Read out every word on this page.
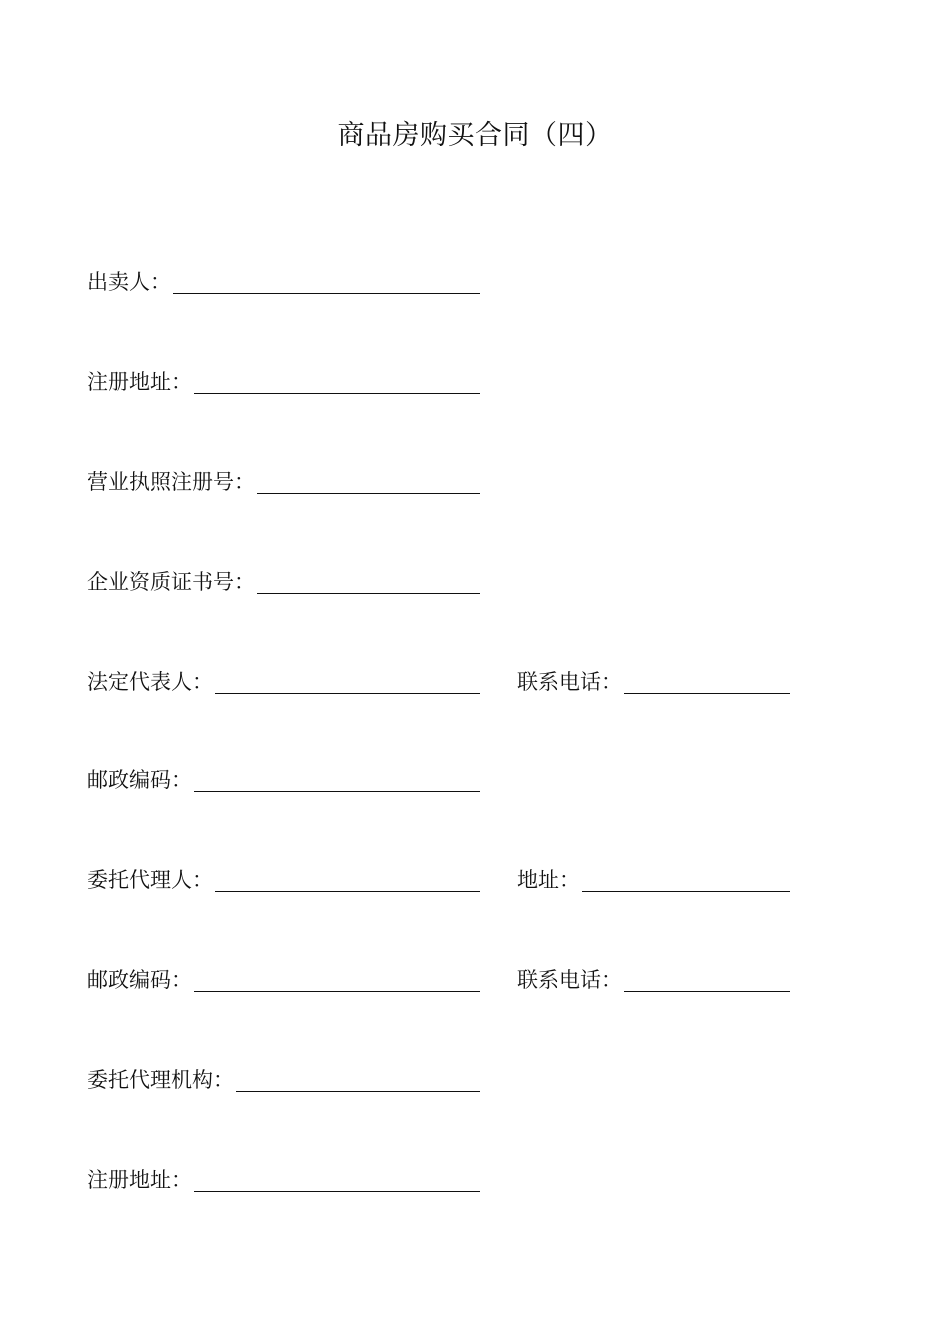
商品房购买合同（四）
出卖人：
注册地址：
营业执照注册号：
企业资质证书号：
法定代表人：	联系电话：
邮政编码：
委托代理人：	地址：
邮政编码：	联系电话：
委托代理机构：
注册地址：
